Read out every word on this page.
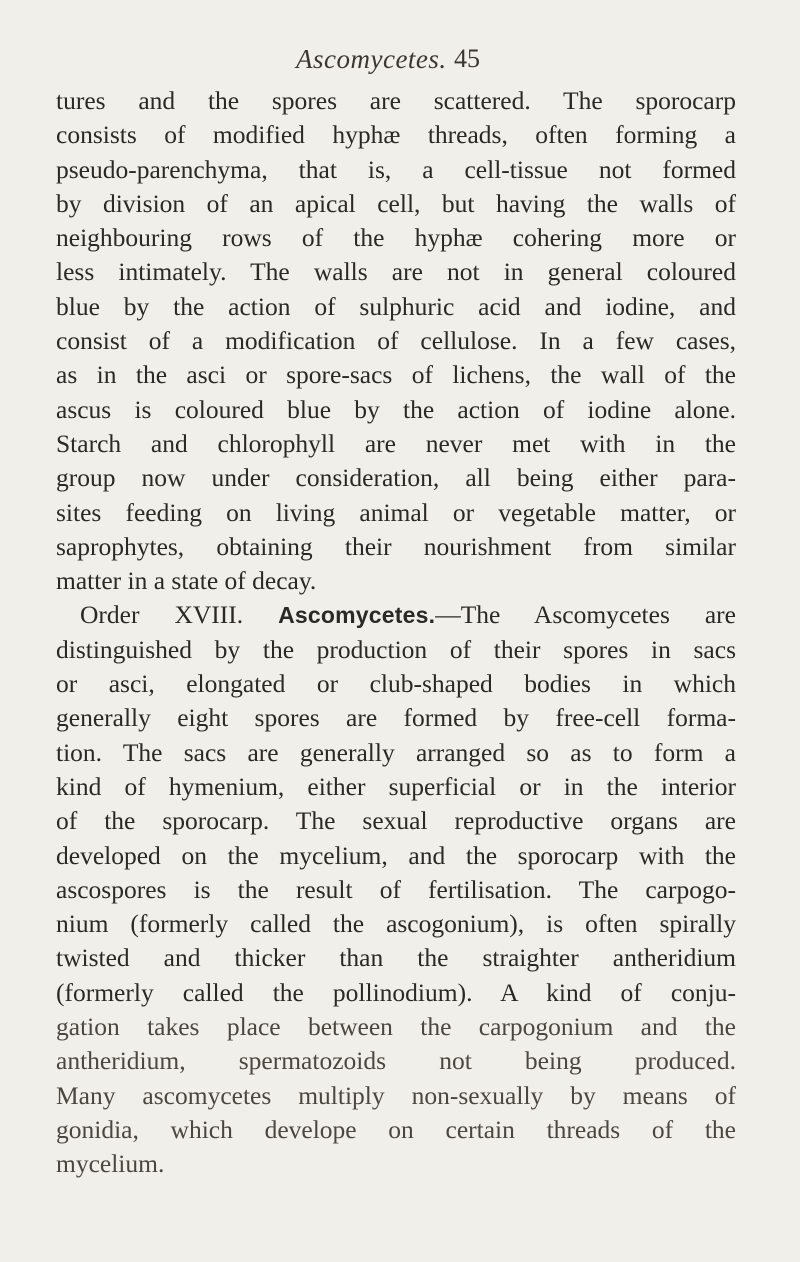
Ascomycetes. 45
tures and the spores are scattered. The sporocarp
consists of modified hyphæ threads, often forming a
pseudo-parenchyma, that is, a cell-tissue not formed
by division of an apical cell, but having the walls of
neighbouring rows of the hyphæ cohering more or
less intimately. The walls are not in general coloured
blue by the action of sulphuric acid and iodine, and
consist of a modification of cellulose. In a few cases,
as in the asci or spore-sacs of lichens, the wall of the
ascus is coloured blue by the action of iodine alone.
Starch and chlorophyll are never met with in the
group now under consideration, all being either para-
sites feeding on living animal or vegetable matter, or
saprophytes, obtaining their nourishment from similar
matter in a state of decay.
Order XVIII. Ascomycetes.—The Ascomycetes are
distinguished by the production of their spores in sacs
or asci, elongated or club-shaped bodies in which
generally eight spores are formed by free-cell forma-
tion. The sacs are generally arranged so as to form a
kind of hymenium, either superficial or in the interior
of the sporocarp. The sexual reproductive organs are
developed on the mycelium, and the sporocarp with the
ascospores is the result of fertilisation. The carpogo-
nium (formerly called the ascogonium), is often spirally
twisted and thicker than the straighter antheridium
(formerly called the pollinodium). A kind of conju-
gation takes place between the carpogonium and the
antheridium, spermatozoids not being produced.
Many ascomycetes multiply non-sexually by means of
gonidia, which develope on certain threads of the
mycelium.
